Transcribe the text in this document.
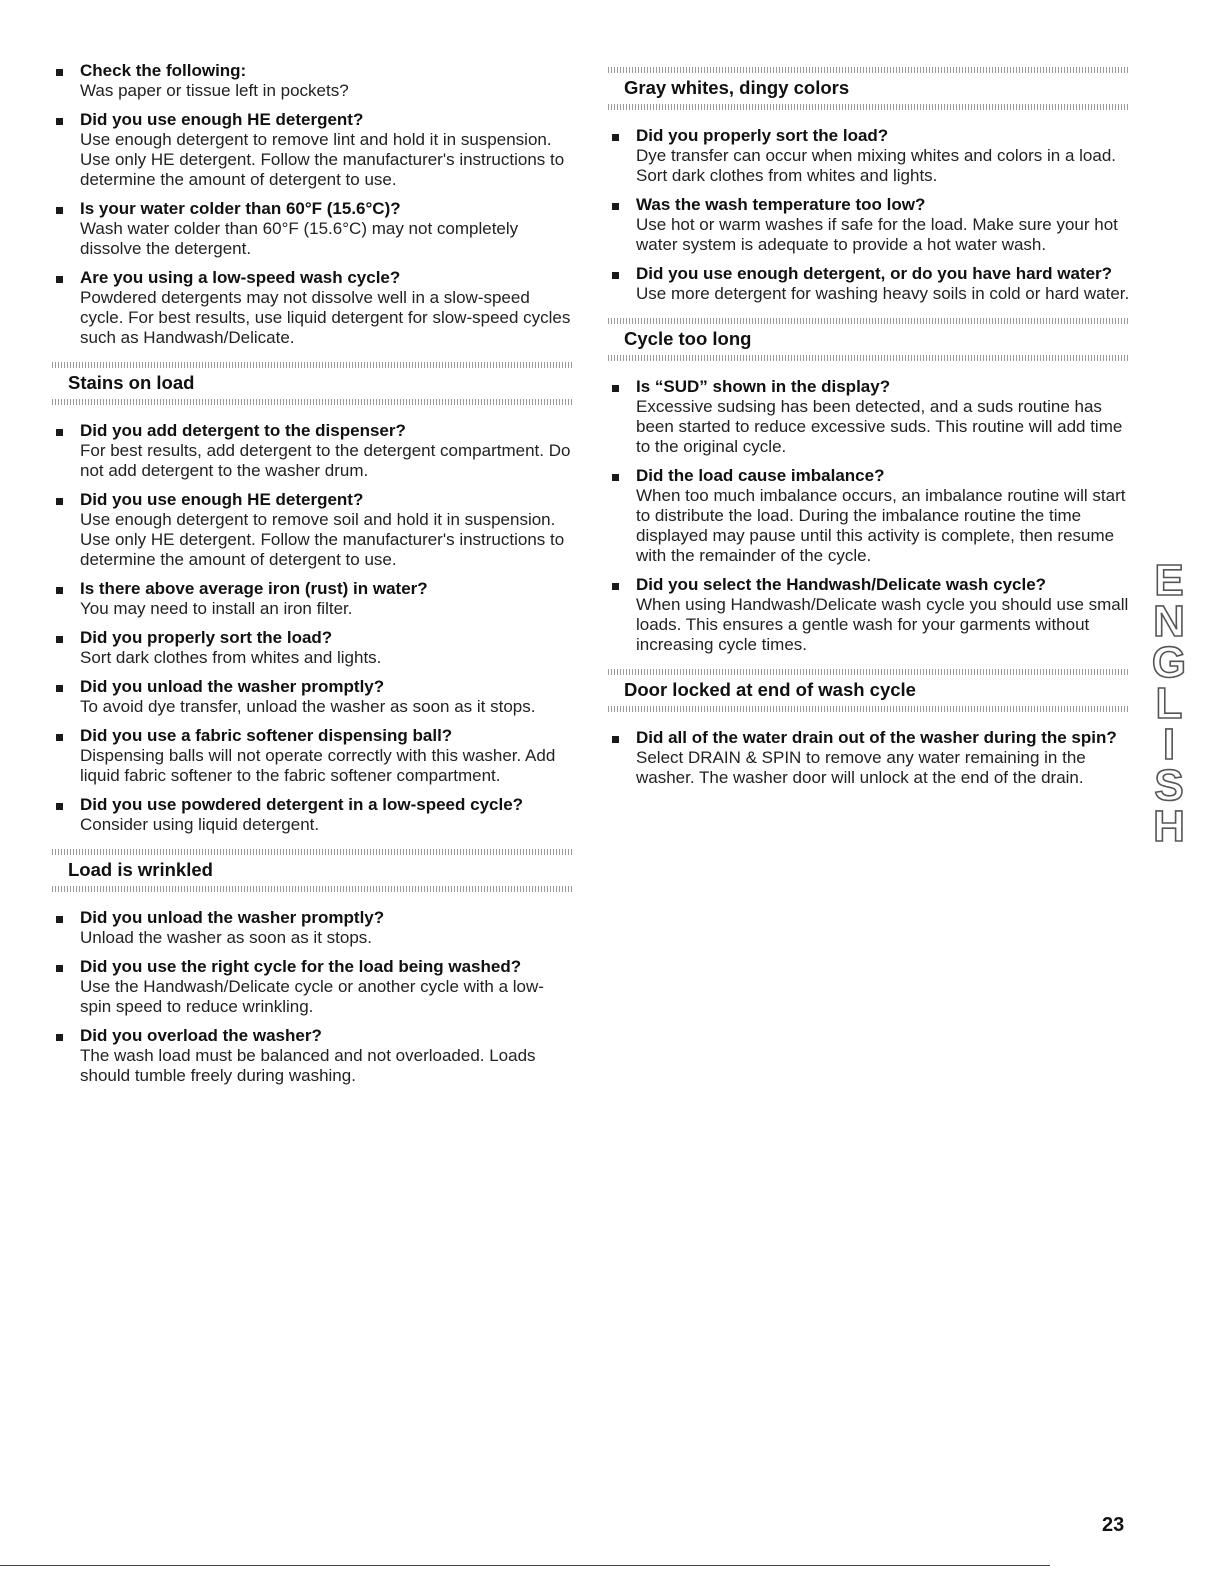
Check the following:
Was paper or tissue left in pockets?
Did you use enough HE detergent?
Use enough detergent to remove lint and hold it in suspension. Use only HE detergent. Follow the manufacturer's instructions to determine the amount of detergent to use.
Is your water colder than 60°F (15.6°C)?
Wash water colder than 60°F (15.6°C) may not completely dissolve the detergent.
Are you using a low-speed wash cycle?
Powdered detergents may not dissolve well in a slow-speed cycle. For best results, use liquid detergent for slow-speed cycles such as Handwash/Delicate.
Stains on load
Did you add detergent to the dispenser?
For best results, add detergent to the detergent compartment. Do not add detergent to the washer drum.
Did you use enough HE detergent?
Use enough detergent to remove soil and hold it in suspension. Use only HE detergent. Follow the manufacturer's instructions to determine the amount of detergent to use.
Is there above average iron (rust) in water?
You may need to install an iron filter.
Did you properly sort the load?
Sort dark clothes from whites and lights.
Did you unload the washer promptly?
To avoid dye transfer, unload the washer as soon as it stops.
Did you use a fabric softener dispensing ball?
Dispensing balls will not operate correctly with this washer. Add liquid fabric softener to the fabric softener compartment.
Did you use powdered detergent in a low-speed cycle?
Consider using liquid detergent.
Load is wrinkled
Did you unload the washer promptly?
Unload the washer as soon as it stops.
Did you use the right cycle for the load being washed?
Use the Handwash/Delicate cycle or another cycle with a low-spin speed to reduce wrinkling.
Did you overload the washer?
The wash load must be balanced and not overloaded. Loads should tumble freely during washing.
Gray whites, dingy colors
Did you properly sort the load?
Dye transfer can occur when mixing whites and colors in a load. Sort dark clothes from whites and lights.
Was the wash temperature too low?
Use hot or warm washes if safe for the load. Make sure your hot water system is adequate to provide a hot water wash.
Did you use enough detergent, or do you have hard water?
Use more detergent for washing heavy soils in cold or hard water.
Cycle too long
Is “SUD” shown in the display?
Excessive sudsing has been detected, and a suds routine has been started to reduce excessive suds. This routine will add time to the original cycle.
Did the load cause imbalance?
When too much imbalance occurs, an imbalance routine will start to distribute the load. During the imbalance routine the time displayed may pause until this activity is complete, then resume with the remainder of the cycle.
Did you select the Handwash/Delicate wash cycle?
When using Handwash/Delicate wash cycle you should use small loads. This ensures a gentle wash for your garments without increasing cycle times.
Door locked at end of wash cycle
Did all of the water drain out of the washer during the spin?
Select DRAIN & SPIN to remove any water remaining in the washer. The washer door will unlock at the end of the drain.
E
N
G
L
I
S
H
23
